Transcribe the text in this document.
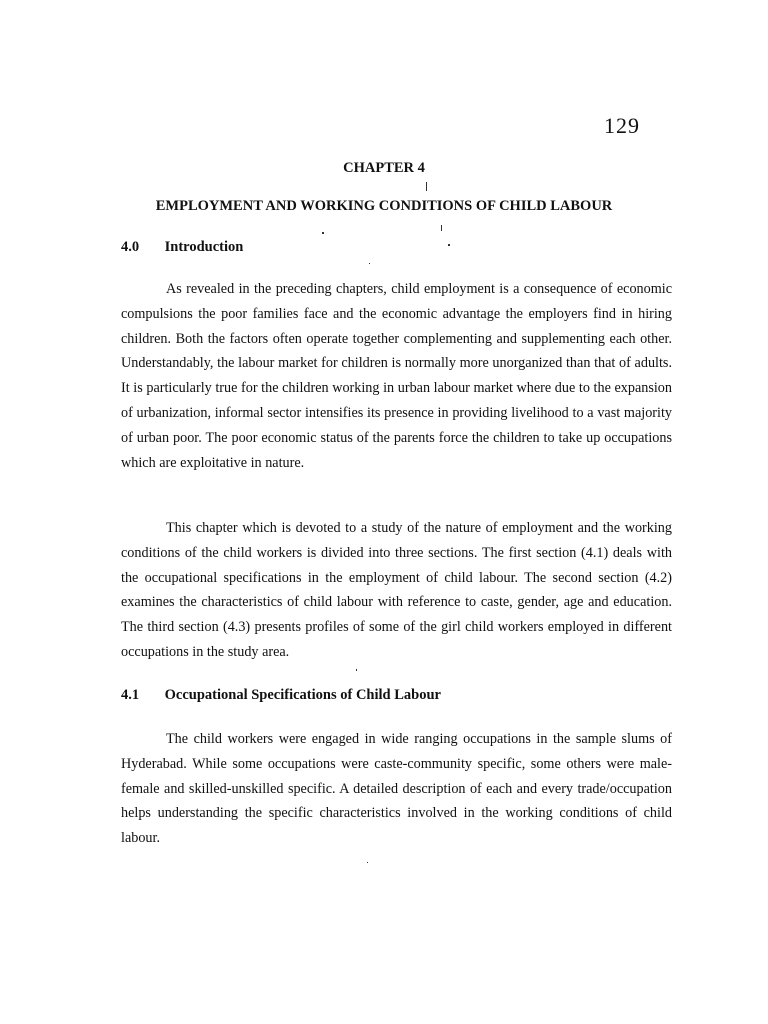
129
CHAPTER 4
EMPLOYMENT AND WORKING CONDITIONS OF CHILD LABOUR
4.0 Introduction

As revealed in the preceding chapters, child employment is a consequence of economic compulsions the poor families face and the economic advantage the employers find in hiring children. Both the factors often operate together complementing and supplementing each other. Understandably, the labour market for children is normally more unorganized than that of adults. It is particularly true for the children working in urban labour market where due to the expansion of urbanization, informal sector intensifies its presence in providing livelihood to a vast majority of urban poor. The poor economic status of the parents force the children to take up occupations which are exploitative in nature.

This chapter which is devoted to a study of the nature of employment and the working conditions of the child workers is divided into three sections. The first section (4.1) deals with the occupational specifications in the employment of child labour. The second section (4.2) examines the characteristics of child labour with reference to caste, gender, age and education. The third section (4.3) presents profiles of some of the girl child workers employed in different occupations in the study area.

4.1 Occupational Specifications of Child Labour

The child workers were engaged in wide ranging occupations in the sample slums of Hyderabad. While some occupations were caste-community specific, some others were male-female and skilled-unskilled specific. A detailed description of each and every trade/occupation helps understanding the specific characteristics involved in the working conditions of child labour.
